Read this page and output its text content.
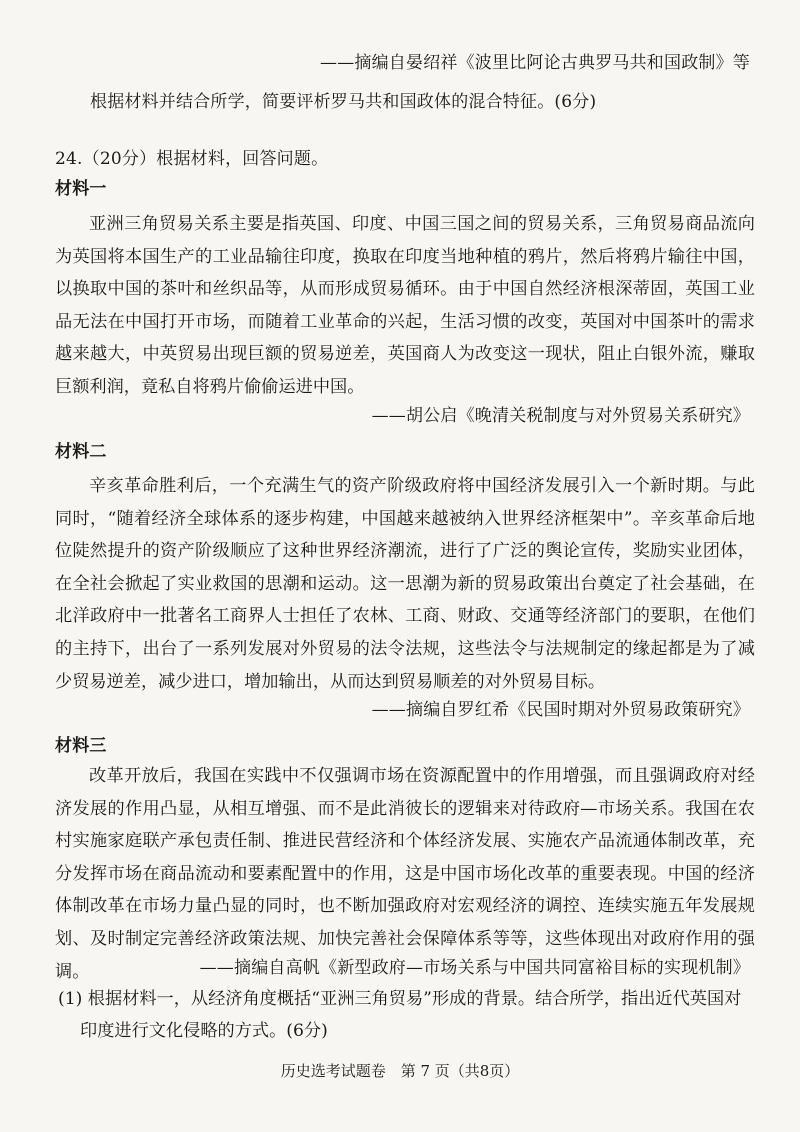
——摘编自晏绍祥《波里比阿论古典罗马共和国政制》等
根据材料并结合所学，简要评析罗马共和国政体的混合特征。(6分)
24.（20分）根据材料，回答问题。
材料一
亚洲三角贸易关系主要是指英国、印度、中国三国之间的贸易关系，三角贸易商品流向为英国将本国生产的工业品输往印度，换取在印度当地种植的鸦片，然后将鸦片输往中国，以换取中国的茶叶和丝织品等，从而形成贸易循环。由于中国自然经济根深蒂固，英国工业品无法在中国打开市场，而随着工业革命的兴起，生活习惯的改变，英国对中国茶叶的需求越来越大，中英贸易出现巨额的贸易逆差，英国商人为改变这一现状，阻止白银外流，赚取巨额利润，竟私自将鸦片偷偷运进中国。
——胡公启《晚清关税制度与对外贸易关系研究》
材料二
辛亥革命胜利后，一个充满生气的资产阶级政府将中国经济发展引入一个新时期。与此同时，“随着经济全球体系的逐步构建，中国越来越被纳入世界经济框架中”。辛亥革命后地位陡然提升的资产阶级顺应了这种世界经济潮流，进行了广泛的舆论宣传，奖励实业团体，在全社会掀起了实业救国的思潮和运动。这一思潮为新的贸易政策出台奠定了社会基础，在北洋政府中一批著名工商界人士担任了农林、工商、财政、交通等经济部门的要职，在他们的主持下，出台了一系列发展对外贸易的法令法规，这些法令与法规制定的缘起都是为了减少贸易逆差，减少进口，增加输出，从而达到贸易顺差的对外贸易目标。
——摘编自罗红希《民国时期对外贸易政策研究》
材料三
改革开放后，我国在实践中不仅强调市场在资源配置中的作用增强，而且强调政府对经济发展的作用凸显，从相互增强、而不是此消彼长的逻辑来对待政府—市场关系。我国在农村实施家庭联产承包责任制、推进民营经济和个体经济发展、实施农产品流通体制改革，充分发挥市场在商品流动和要素配置中的作用，这是中国市场化改革的重要表现。中国的经济体制改革在市场力量凸显的同时，也不断加强政府对宏观经济的调控、连续实施五年发展规划、及时制定完善经济政策法规、加快完善社会保障体系等等，这些体现出对政府作用的强调。	——摘编自高帆《新型政府—市场关系与中国共同富裕目标的实现机制》
(1) 根据材料一，从经济角度概括“亚洲三角贸易”形成的背景。结合所学，指出近代英国对
印度进行文化侵略的方式。(6分)
历史选考试题卷　第 7 页（共8页）
